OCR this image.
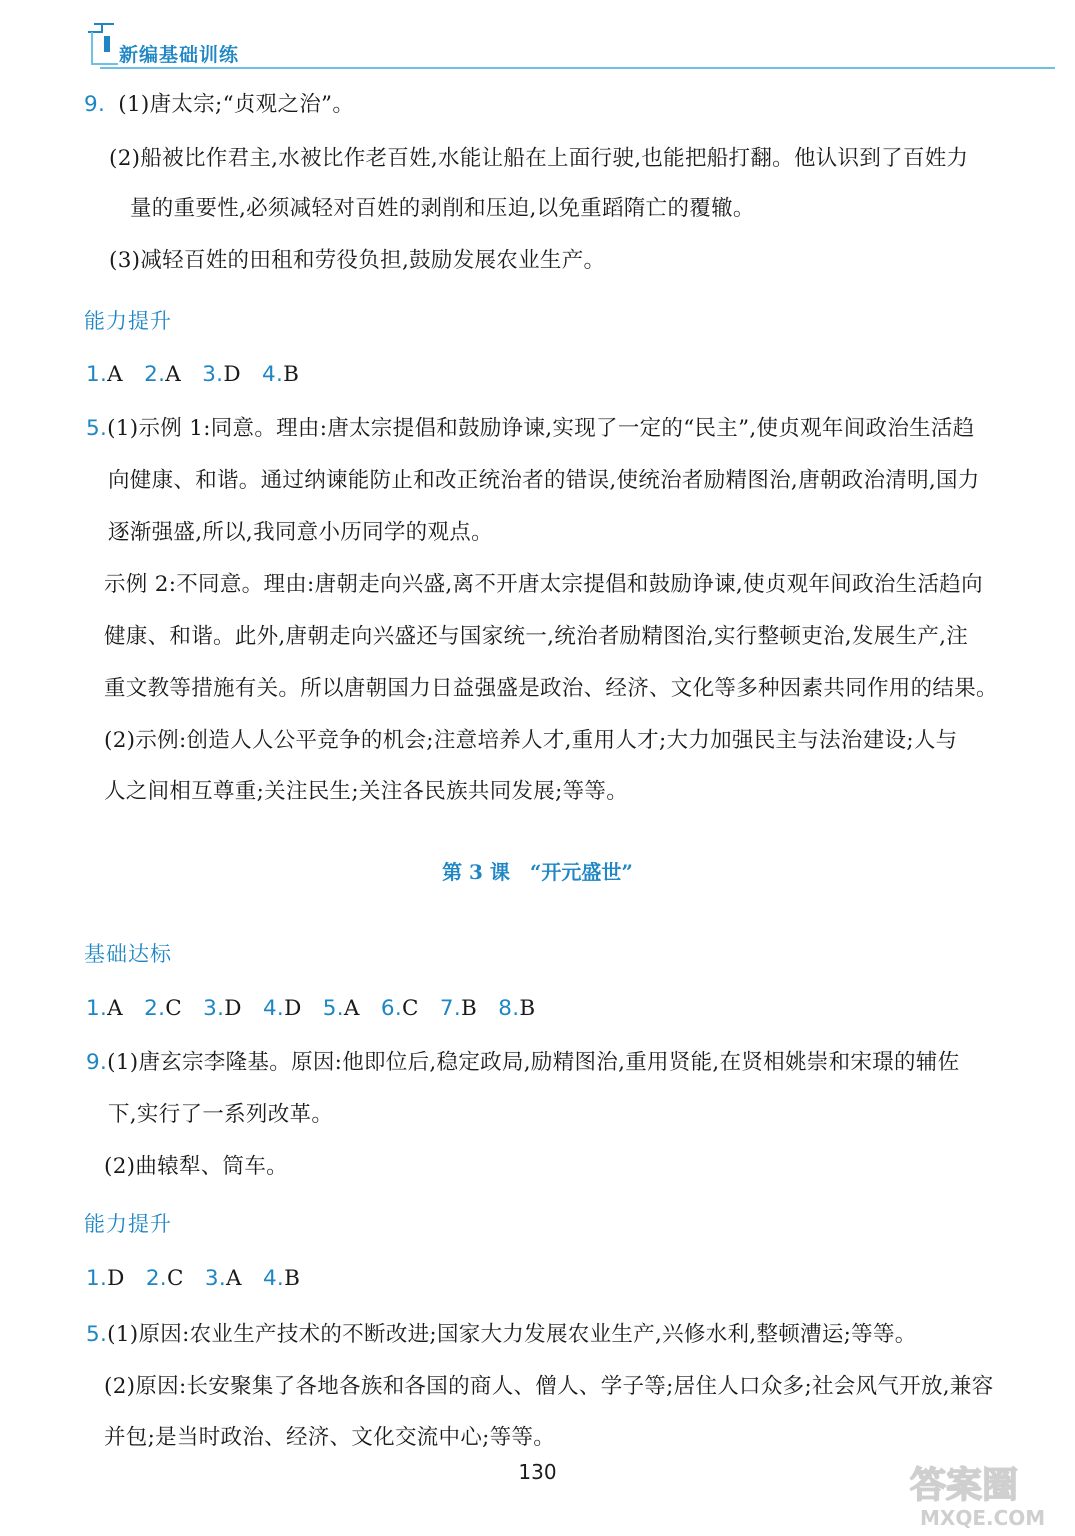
新编基础训练
9. (1)唐太宗;“贞观之治”。
(2)船被比作君主,水被比作老百姓,水能让船在上面行驶,也能把船打翻。他认识到了百姓力
量的重要性,必须减轻对百姓的剥削和压迫,以免重蹈隋亡的覆辙。
(3)减轻百姓的田租和劳役负担,鼓励发展农业生产。
能力提升
1.A 2.A 3.D 4.B
5.(1)示例 1:同意。理由:唐太宗提倡和鼓励诤谏,实现了一定的“民主”,使贞观年间政治生活趋
向健康、和谐。通过纳谏能防止和改正统治者的错误,使统治者励精图治,唐朝政治清明,国力
逐渐强盛,所以,我同意小历同学的观点。
示例 2:不同意。理由:唐朝走向兴盛,离不开唐太宗提倡和鼓励诤谏,使贞观年间政治生活趋向
健康、和谐。此外,唐朝走向兴盛还与国家统一,统治者励精图治,实行整顿吏治,发展生产,注
重文教等措施有关。所以唐朝国力日益强盛是政治、经济、文化等多种因素共同作用的结果。
(2)示例:创造人人公平竞争的机会;注意培养人才,重用人才;大力加强民主与法治建设;人与
人之间相互尊重;关注民生;关注各民族共同发展;等等。
第 3 课　“开元盛世”
基础达标
1.A 2.C 3.D 4.D 5.A 6.C 7.B 8.B
9.(1)唐玄宗李隆基。原因:他即位后,稳定政局,励精图治,重用贤能,在贤相姚崇和宋璟的辅佐
下,实行了一系列改革。
(2)曲辕犁、筒车。
能力提升
1.D 2.C 3.A 4.B
5.(1)原因:农业生产技术的不断改进;国家大力发展农业生产,兴修水利,整顿漕运;等等。
(2)原因:长安聚集了各地各族和各国的商人、僧人、学子等;居住人口众多;社会风气开放,兼容
并包;是当时政治、经济、文化交流中心;等等。
130	答案圈
MXQE.COM
